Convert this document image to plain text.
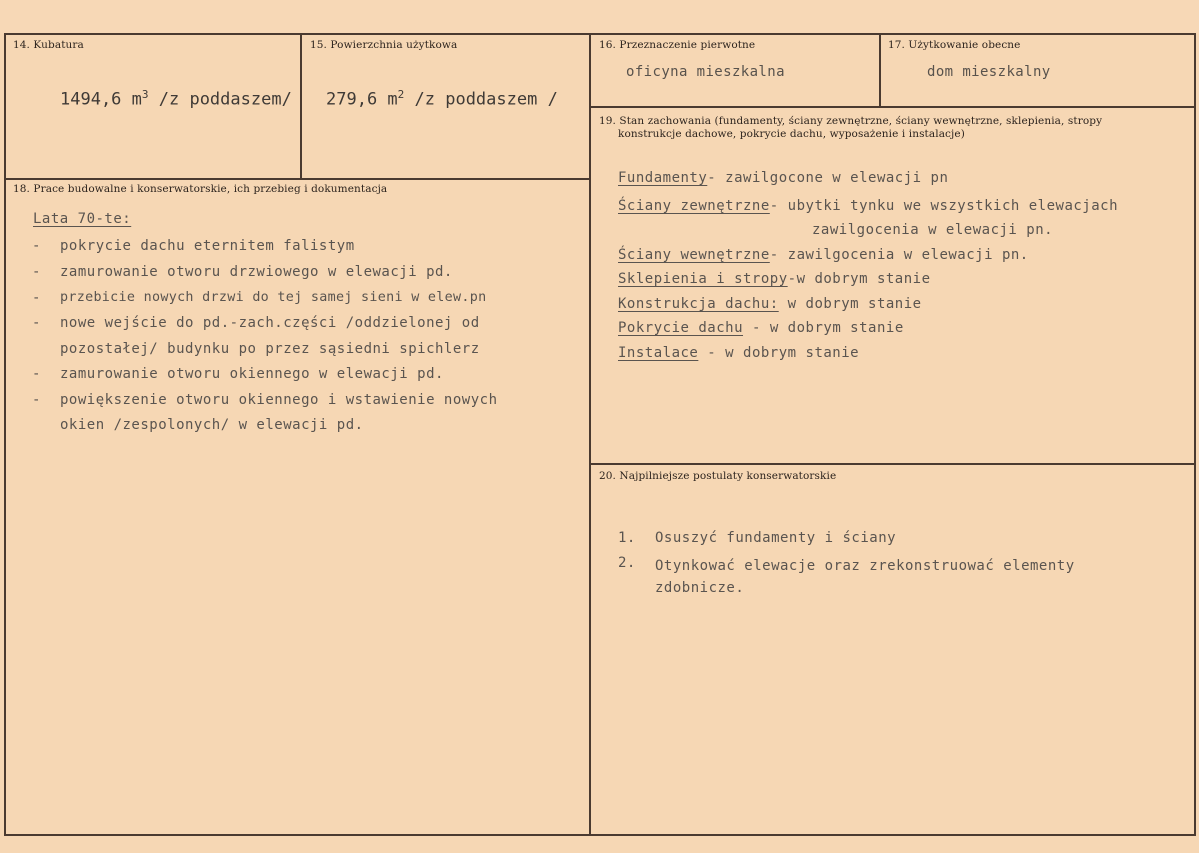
14. Kubatura
1494,6 $m^3$ /z poddaszem/
15. Powierzchnia użytkowa
279,6 $m^2$ /z poddaszem /
16. Przeznaczenie pierwotne
oficyna mieszkalna
17. Użytkowanie obecne
dom mieszkalny
18. Prace budowalne i konserwatorskie, ich przebieg i dokumentacja
Lata 70-te:
- pokrycie dachu eternitem falistym
- zamurowanie otworu drzwiowego w elewacji pd.
- przebicie nowych drzwi do tej samej sieni w elew.pn
- nowe wejście do pd.-zach.części /oddzielonej od
pozostałej/ budynku po przez sąsiedni spichlerz
- zamurowanie otworu okiennego w elewacji pd.
- powiększenie otworu okiennego i wstawienie nowych
okien /zespolonych/ w elewacji pd.
19. Stan zachowania (fundamenty, ściany zewnętrzne, ściany wewnętrzne, sklepienia, stropy
konstrukcje dachowe, pokrycie dachu, wyposażenie i instalacje)
Fundamenty- zawilgocone w elewacji pn
Ściany zewnętrzne- ubytki tynku we wszystkich elewacjach
zawilgocenia w elewacji pn.
Ściany wewnętrzne- zawilgocenia w elewacji pn.
Sklepienia i stropy-w dobrym stanie
Konstrukcja dachu: w dobrym stanie
Pokrycie dachu - w dobrym stanie
Instalace - w dobrym stanie
20. Najpilniejsze postulaty konserwatorskie
1. Osuszyć fundamenty i ściany
2. Otynkować elewacje oraz zrekonstruować elementy
zdobnicze.
